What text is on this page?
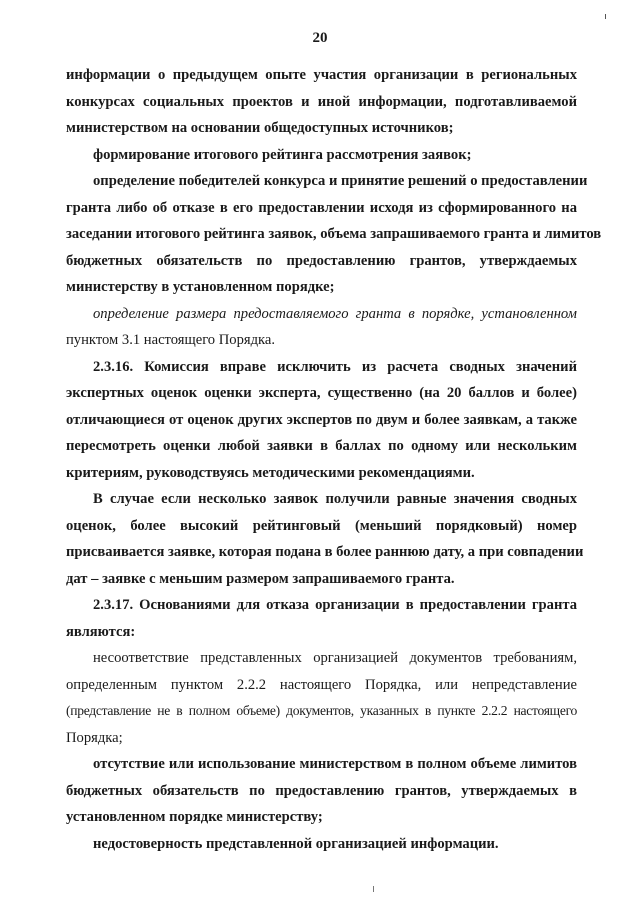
20
информации о предыдущем опыте участия организации в региональных
конкурсах социальных проектов и иной информации, подготавливаемой
министерством на основании общедоступных источников;
формирование итогового рейтинга рассмотрения заявок;
определение победителей конкурса и принятие решений о предоставлении
гранта либо об отказе в его предоставлении исходя из сформированного на
заседании итогового рейтинга заявок, объема запрашиваемого гранта и лимитов
бюджетных обязательств по предоставлению грантов, утверждаемых
министерству в установленном порядке;
определение размера предоставляемого гранта в порядке, установленном
пунктом 3.1 настоящего Порядка.
2.3.16. Комиссия вправе исключить из расчета сводных значений
экспертных оценок оценки эксперта, существенно (на 20 баллов и более)
отличающиеся от оценок других экспертов по двум и более заявкам, а также
пересмотреть оценки любой заявки в баллах по одному или нескольким
критериям, руководствуясь методическими рекомендациями.
В случае если несколько заявок получили равные значения сводных
оценок, более высокий рейтинговый (меньший порядковый) номер
присваивается заявке, которая подана в более раннюю дату, а при совпадении
дат – заявке с меньшим размером запрашиваемого гранта.
2.3.17. Основаниями для отказа организации в предоставлении гранта
являются:
несоответствие представленных организацией документов требованиям,
определенным пунктом 2.2.2 настоящего Порядка, или непредставление
(представление не в полном объеме) документов, указанных в пункте 2.2.2 настоящего
Порядка;
отсутствие или использование министерством в полном объеме лимитов
бюджетных обязательств по предоставлению грантов, утверждаемых в
установленном порядке министерству;
недостоверность представленной организацией информации.
